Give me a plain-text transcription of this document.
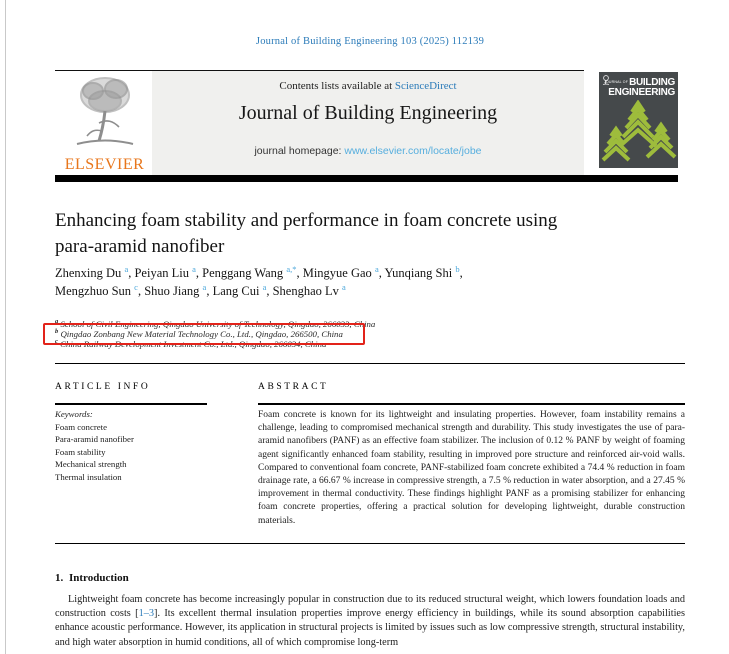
Journal of Building Engineering 103 (2025) 112139
ELSEVIER
Contents lists available at ScienceDirect
Journal of Building Engineering
journal homepage: www.elsevier.com/locate/jobe
JOURNAL OFBUILDING
ENGINEERING
Enhancing foam stability and performance in foam concrete using
para-aramid nanofiber
Zhenxing Du $^a$, Peiyan Liu $^a$, Penggang Wang $^{a,*}$, Mingyue Gao $^a$, Yunqiang Shi $^b$,
Mengzhuo Sun $^c$, Shuo Jiang $^a$, Lang Cui $^a$, Shenghao Lv $^a$
$^a$ School of Civil Engineering, Qingdao University of Technology, Qingdao, 266033, China
$^b$ Qingdao Zonbang New Material Technology Co., Ltd., Qingdao, 266500, China
$^c$ China Railway Development Investment Co., Ltd., Qingdao, 266034, China
ARTICLE INFO
Keywords:
Foam concrete
Para-aramid nanofiber
Foam stability
Mechanical strength
Thermal insulation
ABSTRACT
Foam concrete is known for its lightweight and insulating properties. However, foam instability remains a challenge, leading to compromised mechanical strength and durability. This study investigates the use of para-aramid nanofibers (PANF) as an effective foam stabilizer. The inclusion of 0.12 % PANF by weight of foaming agent significantly enhanced foam stability, resulting in improved pore structure and reinforced air-void walls. Compared to conventional foam concrete, PANF-stabilized foam concrete exhibited a 74.4 % reduction in foam drainage rate, a 66.67 % increase in compressive strength, a 7.5 % reduction in water absorption, and a 27.45 % improvement in thermal conductivity. These findings highlight PANF as a promising stabilizer for enhancing foam concrete properties, offering a practical solution for developing lightweight, durable construction materials.
1. Introduction

Lightweight foam concrete has become increasingly popular in construction due to its reduced structural weight, which lowers foundation loads and construction costs [1–3]. Its excellent thermal insulation properties improve energy efficiency in buildings, while its sound absorption capabilities enhance acoustic performance. However, its application in structural projects is limited by issues such as low compressive strength, structural instability, and high water absorption in humid conditions, all of which compromise long-term
